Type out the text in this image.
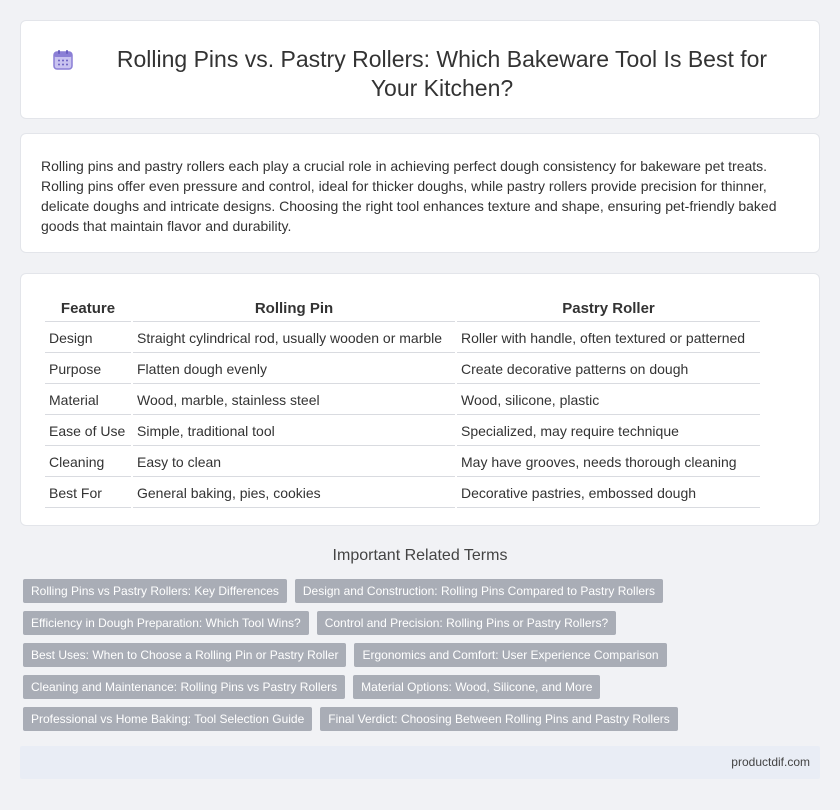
Rolling Pins vs. Pastry Rollers: Which Bakeware Tool Is Best for Your Kitchen?

Rolling pins and pastry rollers each play a crucial role in achieving perfect dough consistency for bakeware pet treats. Rolling pins offer even pressure and control, ideal for thicker doughs, while pastry rollers provide precision for thinner, delicate doughs and intricate designs. Choosing the right tool enhances texture and shape, ensuring pet-friendly baked goods that maintain flavor and durability.

Feature	Rolling Pin	Pastry Roller
Design	Straight cylindrical rod, usually wooden or marble	Roller with handle, often textured or patterned
Purpose	Flatten dough evenly	Create decorative patterns on dough
Material	Wood, marble, stainless steel	Wood, silicone, plastic
Ease of Use	Simple, traditional tool	Specialized, may require technique
Cleaning	Easy to clean	May have grooves, needs thorough cleaning
Best For	General baking, pies, cookies	Decorative pastries, embossed dough
Important Related Terms
Rolling Pins vs Pastry Rollers: Key Differences	Design and Construction: Rolling Pins Compared to Pastry Rollers
Efficiency in Dough Preparation: Which Tool Wins?	Control and Precision: Rolling Pins or Pastry Rollers?
Best Uses: When to Choose a Rolling Pin or Pastry Roller	Ergonomics and Comfort: User Experience Comparison
Cleaning and Maintenance: Rolling Pins vs Pastry Rollers	Material Options: Wood, Silicone, and More
Professional vs Home Baking: Tool Selection Guide	Final Verdict: Choosing Between Rolling Pins and Pastry Rollers
productdif.com
